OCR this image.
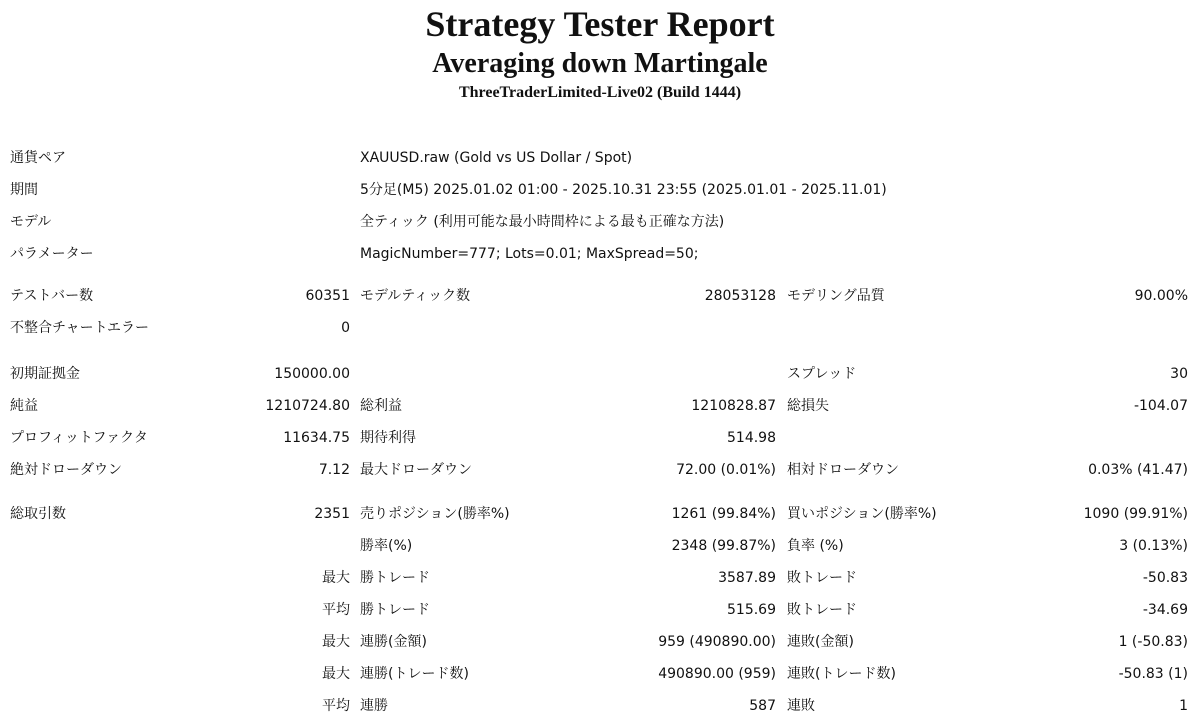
Strategy Tester Report
Averaging down Martingale
ThreeTraderLimited-Live02 (Build 1444)
通貨ペア	XAUUSD.raw (Gold vs US Dollar / Spot)
期間	5分足(M5) 2025.01.02 01:00 - 2025.10.31 23:55 (2025.01.01 - 2025.11.01)
モデル	全ティック (利用可能な最小時間枠による最も正確な方法)
パラメーター	MagicNumber=777; Lots=0.01; MaxSpread=50;
テストバー数	60351 モデルティック数	28053128 モデリング品質	90.00%
不整合チャートエラー	0
初期証拠金	150000.00	スプレッド	30
純益	1210724.80 総利益	1210828.87 総損失	-104.07
プロフィットファクタ	11634.75 期待利得	514.98
絶対ドローダウン	7.12 最大ドローダウン	72.00 (0.01%) 相対ドローダウン	0.03% (41.47)
総取引数	2351 売りポジション(勝率%)	1261 (99.84%) 買いポジション(勝率%)	1090 (99.91%)
勝率(%)	2348 (99.87%) 負率 (%)	3 (0.13%)
最大 勝トレード	3587.89 敗トレード	-50.83
平均 勝トレード	515.69 敗トレード	-34.69
最大 連勝(金額)	959 (490890.00) 連敗(金額)	1 (-50.83)
最大 連勝(トレード数)	490890.00 (959) 連敗(トレード数)	-50.83 (1)
平均 連勝	587 連敗	1
